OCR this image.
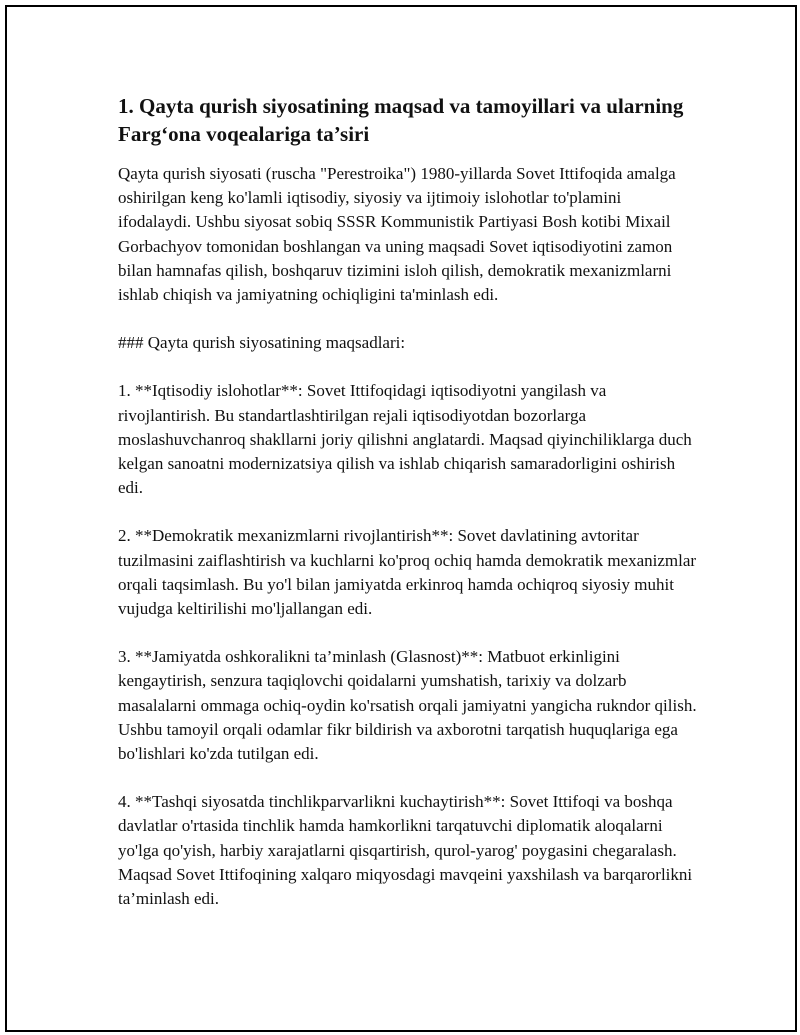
1. Qayta qurish siyosatining maqsad va tamoyillari va ularning Farg‘ona voqealariga ta’siri

Qayta qurish siyosati (ruscha "Perestroika") 1980-yillarda Sovet Ittifoqida amalga oshirilgan keng ko'lamli iqtisodiy, siyosiy va ijtimoiy islohotlar to'plamini ifodalaydi. Ushbu siyosat sobiq SSSR Kommunistik Partiyasi Bosh kotibi Mixail Gorbachyov tomonidan boshlangan va uning maqsadi Sovet iqtisodiyotini zamon bilan hamnafas qilish, boshqaruv tizimini isloh qilish, demokratik mexanizmlarni ishlab chiqish va jamiyatning ochiqligini ta'minlash edi.

### Qayta qurish siyosatining maqsadlari:

1. **Iqtisodiy islohotlar**: Sovet Ittifoqidagi iqtisodiyotni yangilash va rivojlantirish. Bu standartlashtirilgan rejali iqtisodiyotdan bozorlarga moslashuvchanroq shakllarni joriy qilishni anglatardi. Maqsad qiyinchiliklarga duch kelgan sanoatni modernizatsiya qilish va ishlab chiqarish samaradorligini oshirish edi.

2. **Demokratik mexanizmlarni rivojlantirish**: Sovet davlatining avtoritar tuzilmasini zaiflashtirish va kuchlarni ko'proq ochiq hamda demokratik mexanizmlar orqali taqsimlash. Bu yo'l bilan jamiyatda erkinroq hamda ochiqroq siyosiy muhit vujudga keltirilishi mo'ljallangan edi.

3. **Jamiyatda oshkoralikni ta’minlash (Glasnost)**: Matbuot erkinligini kengaytirish, senzura taqiqlovchi qoidalarni yumshatish, tarixiy va dolzarb masalalarni ommaga ochiq-oydin ko'rsatish orqali jamiyatni yangicha rukndor qilish. Ushbu tamoyil orqali odamlar fikr bildirish va axborotni tarqatish huquqlariga ega bo'lishlari ko'zda tutilgan edi.

4. **Tashqi siyosatda tinchlikparvarlikni kuchaytirish**: Sovet Ittifoqi va boshqa davlatlar o'rtasida tinchlik hamda hamkorlikni tarqatuvchi diplomatik aloqalarni yo'lga qo'yish, harbiy xarajatlarni qisqartirish, qurol-yarog' poygasini chegaralash. Maqsad Sovet Ittifoqining xalqaro miqyosdagi mavqeini yaxshilash va barqarorlikni ta’minlash edi.
